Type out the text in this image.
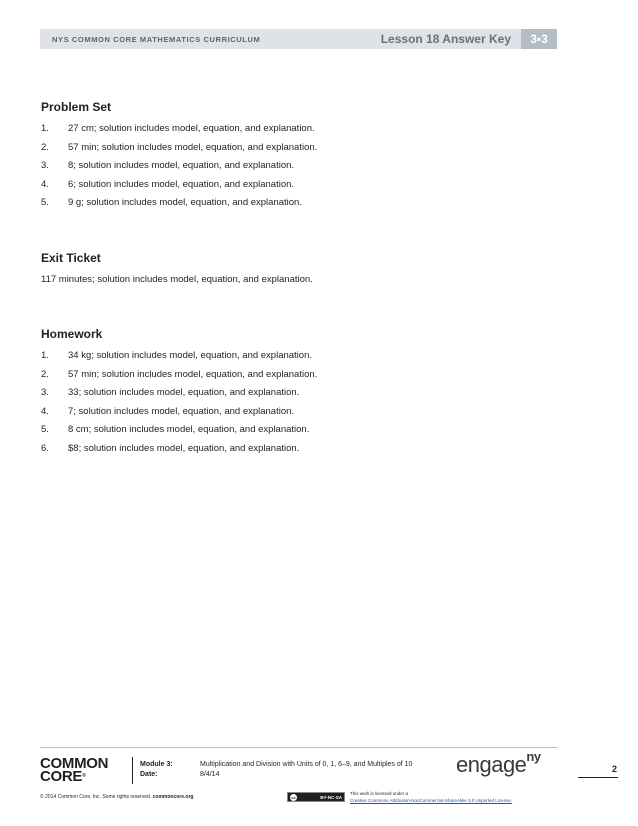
NYS COMMON CORE MATHEMATICS CURRICULUM	Lesson 18 Answer Key	3•3
Problem Set
1.	27 cm; solution includes model, equation, and explanation.
2.	57 min; solution includes model, equation, and explanation.
3.	8; solution includes model, equation, and explanation.
4.	6; solution includes model, equation, and explanation.
5.	9 g; solution includes model, equation, and explanation.
Exit Ticket
117 minutes; solution includes model, equation, and explanation.
Homework
1.	34 kg; solution includes model, equation, and explanation.
2.	57 min; solution includes model, equation, and explanation.
3.	33; solution includes model, equation, and explanation.
4.	7; solution includes model, equation, and explanation.
5.	8 cm; solution includes model, equation, and explanation.
6.	$8; solution includes model, equation, and explanation.
COMMON
CORE®
Module 3:
Date:
Multiplication and Division with Units of 0, 1, 6–9, and Multiples of 10
8/4/14	engage$^{ny}$
2
© 2014 Common Core, Inc. Some rights reserved. commoncore.org	cc	BY-NC-SA
This work is licensed under a
Creative Commons Attribution-NonCommercial-ShareAlike 3.0 Unported License.
